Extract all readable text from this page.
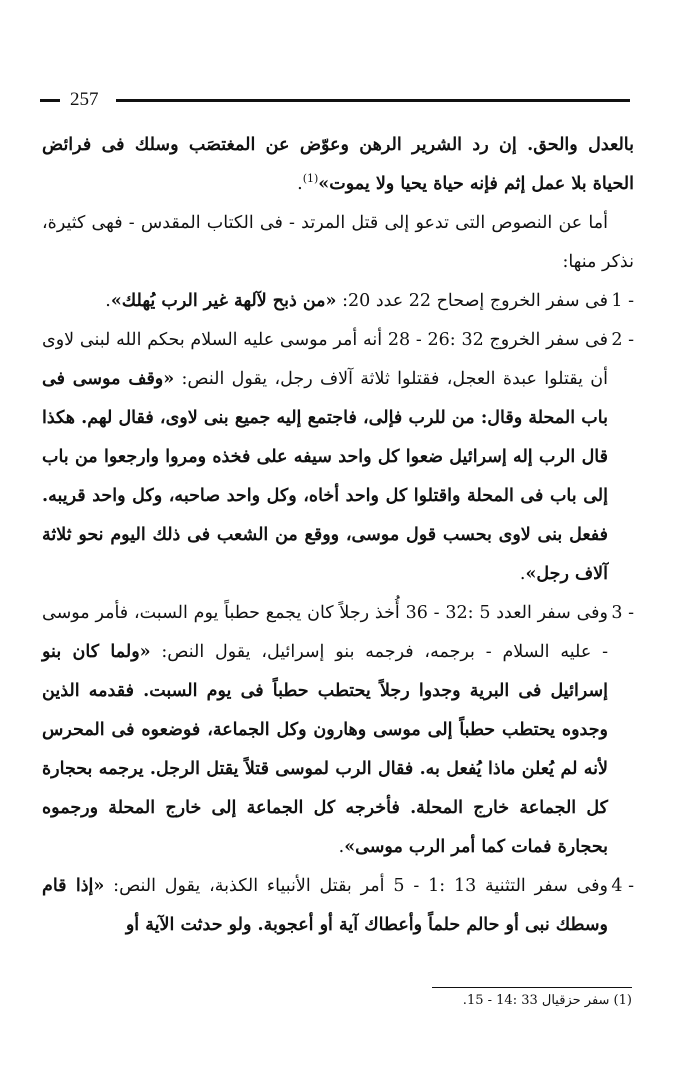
257

بالعدل والحق. إن رد الشرير الرهن وعوّض عن المغتصَب وسلك فى فرائض الحياة بلا عمل إثم فإنه حياة يحيا ولا يموت»$^{(1)}$.

أما عن النصوص التى تدعو إلى قتل المرتد - فى الكتاب المقدس - فهى كثيرة، نذكر منها:

1 -فى سفر الخروج إصحاح 22 عدد 20: «من ذبح لآلهة غير الرب يُهلك».

2 -فى سفر الخروج 32 :26 - 28 أنه أمر موسى عليه السلام بحكم الله لبنى لاوى أن يقتلوا عبدة العجل، فقتلوا ثلاثة آلاف رجل، يقول النص: «وقف موسى فى باب المحلة وقال: من للرب فإلى، فاجتمع إليه جميع بنى لاوى، فقال لهم. هكذا قال الرب إله إسرائيل ضعوا كل واحد سيفه على فخذه ومروا وارجعوا من باب إلى باب فى المحلة واقتلوا كل واحد أخاه، وكل واحد صاحبه، وكل واحد قريبه. ففعل بنى لاوى بحسب قول موسى، ووقع من الشعب فى ذلك اليوم نحو ثلاثة آلاف رجل».

3 -وفى سفر العدد 5 :32 - 36 أُخذ رجلاً كان يجمع حطباً يوم السبت، فأمر موسى - عليه السلام - برجمه، فرجمه بنو إسرائيل، يقول النص: «ولما كان بنو إسرائيل فى البرية وجدوا رجلاً يحتطب حطباً فى يوم السبت. فقدمه الذين وجدوه يحتطب حطباً إلى موسى وهارون وكل الجماعة، فوضعوه فى المحرس لأنه لم يُعلن ماذا يُفعل به. فقال الرب لموسى قتلاً يقتل الرجل. يرجمه بحجارة كل الجماعة خارج المحلة. فأخرجه كل الجماعة إلى خارج المحلة ورجموه بحجارة فمات كما أمر الرب موسى».

4 -وفى سفر التثنية 13 :1 - 5 أمر بقتل الأنبياء الكذبة، يقول النص: «إذا قام وسطك نبى أو حالم حلماً وأعطاك آية أو أعجوبة. ولو حدثت الآية أو

(1) سفر حزقيال 33 :14 - 15.
